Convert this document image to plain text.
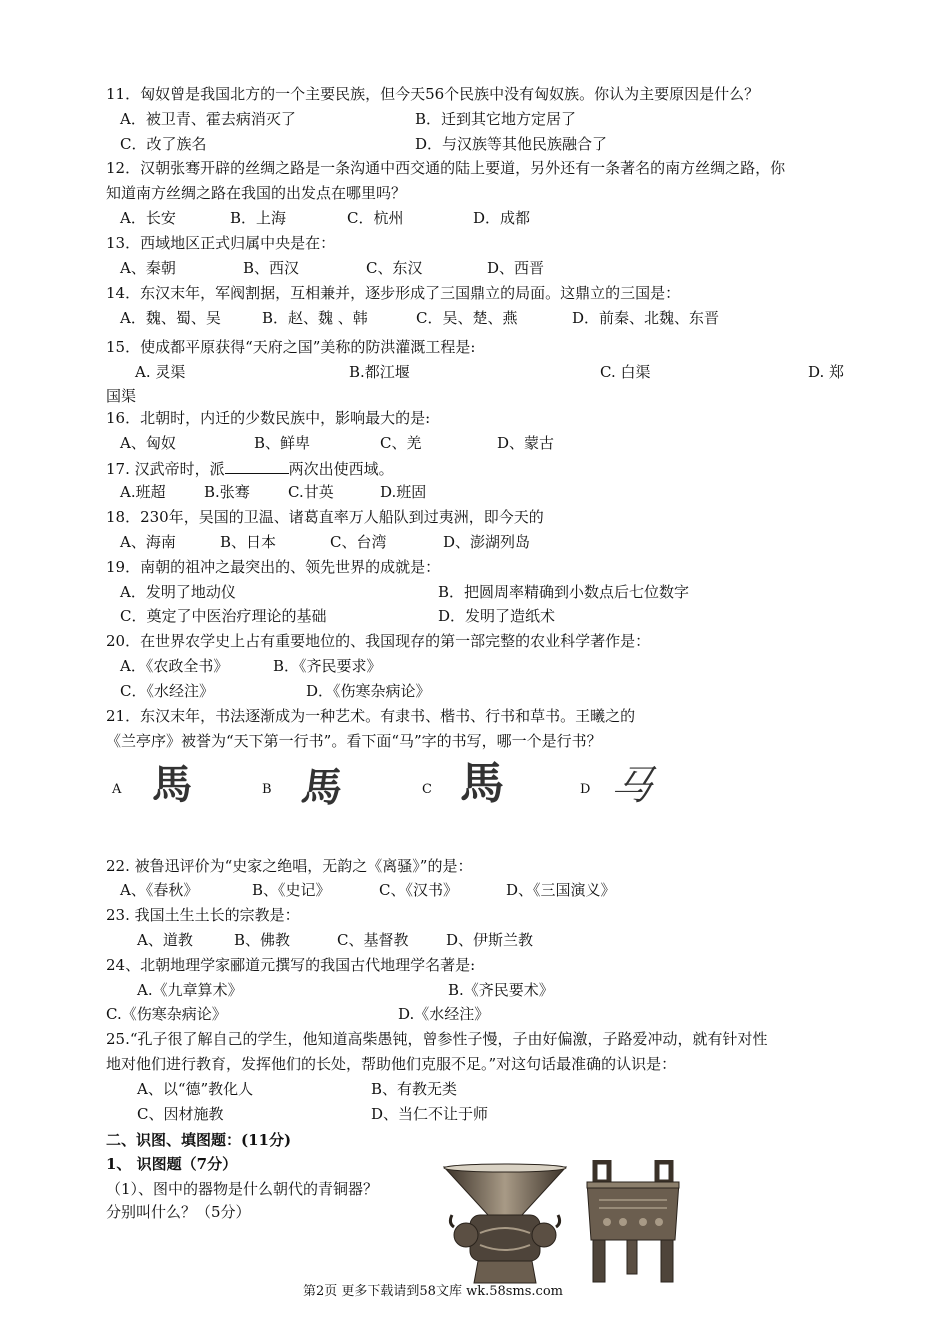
11．匈奴曾是我国北方的一个主要民族，但今天56个民族中没有匈奴族。你认为主要原因是什么？
A．被卫青、霍去病消灭了	B．迁到其它地方定居了
C．改了族名	D．与汉族等其他民族融合了
12．汉朝张骞开辟的丝绸之路是一条沟通中西交通的陆上要道，另外还有一条著名的南方丝绸之路，你
知道南方丝绸之路在我国的出发点在哪里吗？
A．长安	B．上海	C．杭州	D．成都
13．西域地区正式归属中央是在：
A、秦朝	B、西汉	C、东汉	D、西晋
14．东汉末年，军阀割据，互相兼并，逐步形成了三国鼎立的局面。这鼎立的三国是：
A．魏、蜀、吴	B．赵、魏 、韩	C．吴、楚、燕	D．前秦、北魏、东晋
15．使成都平原获得“天府之国”美称的防洪灌溉工程是:
A. 灵渠	B.都江堰	C. 白渠	D. 郑
国渠
16．北朝时，内迁的少数民族中，影响最大的是:
A、匈奴	B、鲜卑	C、羌	D、蒙古
17. 汉武帝时，派	两次出使西域。
A.班超	B.张骞	C.甘英	D.班固
18．230年，吴国的卫温、诸葛直率万人船队到过夷洲，即今天的
A、海南	B、日本	C、台湾	D、澎湖列岛
19．南朝的祖冲之最突出的、领先世界的成就是：
A．发明了地动仪	B．把圆周率精确到小数点后七位数字
C．奠定了中医治疗理论的基础	D．发明了造纸术
20．在世界农学史上占有重要地位的、我国现存的第一部完整的农业科学著作是：
A．《农政全书》	B．《齐民要求》
C．《水经注》	D．《伤寒杂病论》
21．东汉末年，书法逐渐成为一种艺术。有隶书、楷书、行书和草书。王曦之的
《兰亭序》被誉为“天下第一行书”。看下面“马”字的书写，哪一个是行书？
A 馬	B 馬	C 馬	D 马
22. 被鲁迅评价为“史家之绝唱，无韵之《离骚》”的是：
A、《春秋》	B、《史记》	C、《汉书》	D、《三国演义》
23. 我国土生土长的宗教是：
A、道教	B、佛教	C、基督教	D、伊斯兰教
24、北朝地理学家郦道元撰写的我国古代地理学名著是:
A.《九章算术》	B.《齐民要术》
C.《伤寒杂病论》	D.《水经注》
25.“孔子很了解自己的学生，他知道高柴愚钝，曾参性子慢，子由好偏激，子路爱冲动，就有针对性
地对他们进行教育，发挥他们的长处，帮助他们克服不足。”对这句话最准确的认识是：
A、以“德”教化人	B、有教无类
C、因材施教	D、当仁不让于师
二、识图、填图题：(11分)
1、 识图题（7分）
（1）、图中的器物是什么朝代的青铜器？
分别叫什么？（5分）
第2页 更多下载请到58文库 wk.58sms.com
